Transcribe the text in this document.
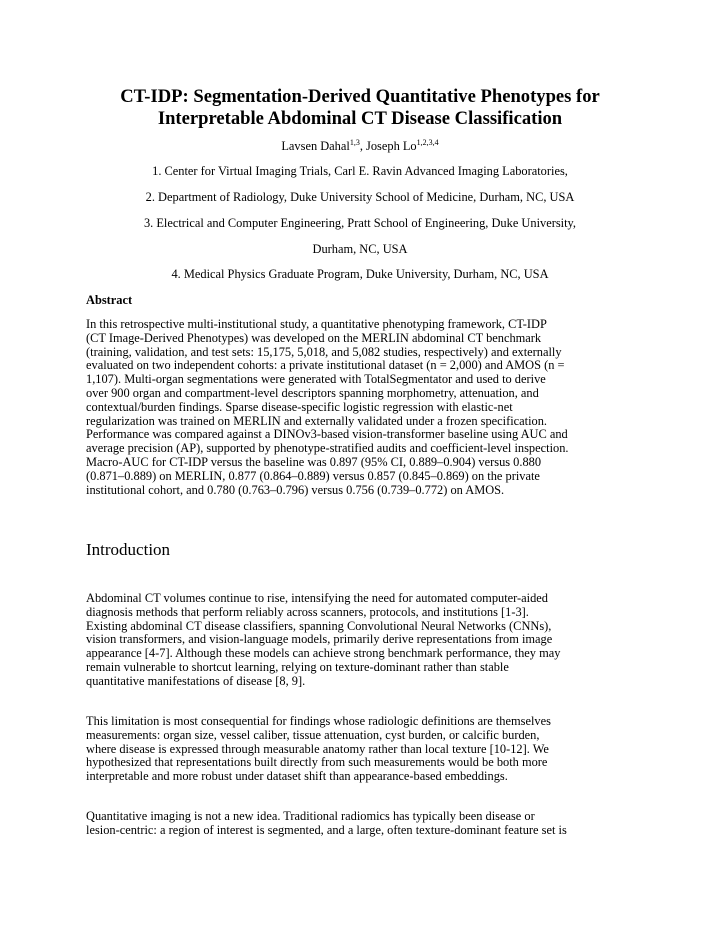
CT-IDP: Segmentation-Derived Quantitative Phenotypes for
Interpretable Abdominal CT Disease Classification
Lavsen Dahal$^{1,3}$, Joseph Lo$^{1,2,3,4}$
1. Center for Virtual Imaging Trials, Carl E. Ravin Advanced Imaging Laboratories,
2. Department of Radiology, Duke University School of Medicine, Durham, NC, USA
3. Electrical and Computer Engineering, Pratt School of Engineering, Duke University,
Durham, NC, USA
4. Medical Physics Graduate Program, Duke University, Durham, NC, USA
Abstract
In this retrospective multi-institutional study, a quantitative phenotyping framework, CT-IDP
(CT Image-Derived Phenotypes) was developed on the MERLIN abdominal CT benchmark
(training, validation, and test sets: 15,175, 5,018, and 5,082 studies, respectively) and externally
evaluated on two independent cohorts: a private institutional dataset (n = 2,000) and AMOS (n =
1,107). Multi-organ segmentations were generated with TotalSegmentator and used to derive
over 900 organ and compartment-level descriptors spanning morphometry, attenuation, and
contextual/burden findings. Sparse disease-specific logistic regression with elastic-net
regularization was trained on MERLIN and externally validated under a frozen specification.
Performance was compared against a DINOv3-based vision-transformer baseline using AUC and
average precision (AP), supported by phenotype-stratified audits and coefficient-level inspection.
Macro-AUC for CT-IDP versus the baseline was 0.897 (95% CI, 0.889–0.904) versus 0.880
(0.871–0.889) on MERLIN, 0.877 (0.864–0.889) versus 0.857 (0.845–0.869) on the private
institutional cohort, and 0.780 (0.763–0.796) versus 0.756 (0.739–0.772) on AMOS.
Introduction
Abdominal CT volumes continue to rise, intensifying the need for automated computer-aided
diagnosis methods that perform reliably across scanners, protocols, and institutions [1-3].
Existing abdominal CT disease classifiers, spanning Convolutional Neural Networks (CNNs),
vision transformers, and vision-language models, primarily derive representations from image
appearance [4-7]. Although these models can achieve strong benchmark performance, they may
remain vulnerable to shortcut learning, relying on texture-dominant rather than stable
quantitative manifestations of disease [8, 9].
This limitation is most consequential for findings whose radiologic definitions are themselves
measurements: organ size, vessel caliber, tissue attenuation, cyst burden, or calcific burden,
where disease is expressed through measurable anatomy rather than local texture [10-12]. We
hypothesized that representations built directly from such measurements would be both more
interpretable and more robust under dataset shift than appearance-based embeddings.
Quantitative imaging is not a new idea. Traditional radiomics has typically been disease or
lesion-centric: a region of interest is segmented, and a large, often texture-dominant feature set is
